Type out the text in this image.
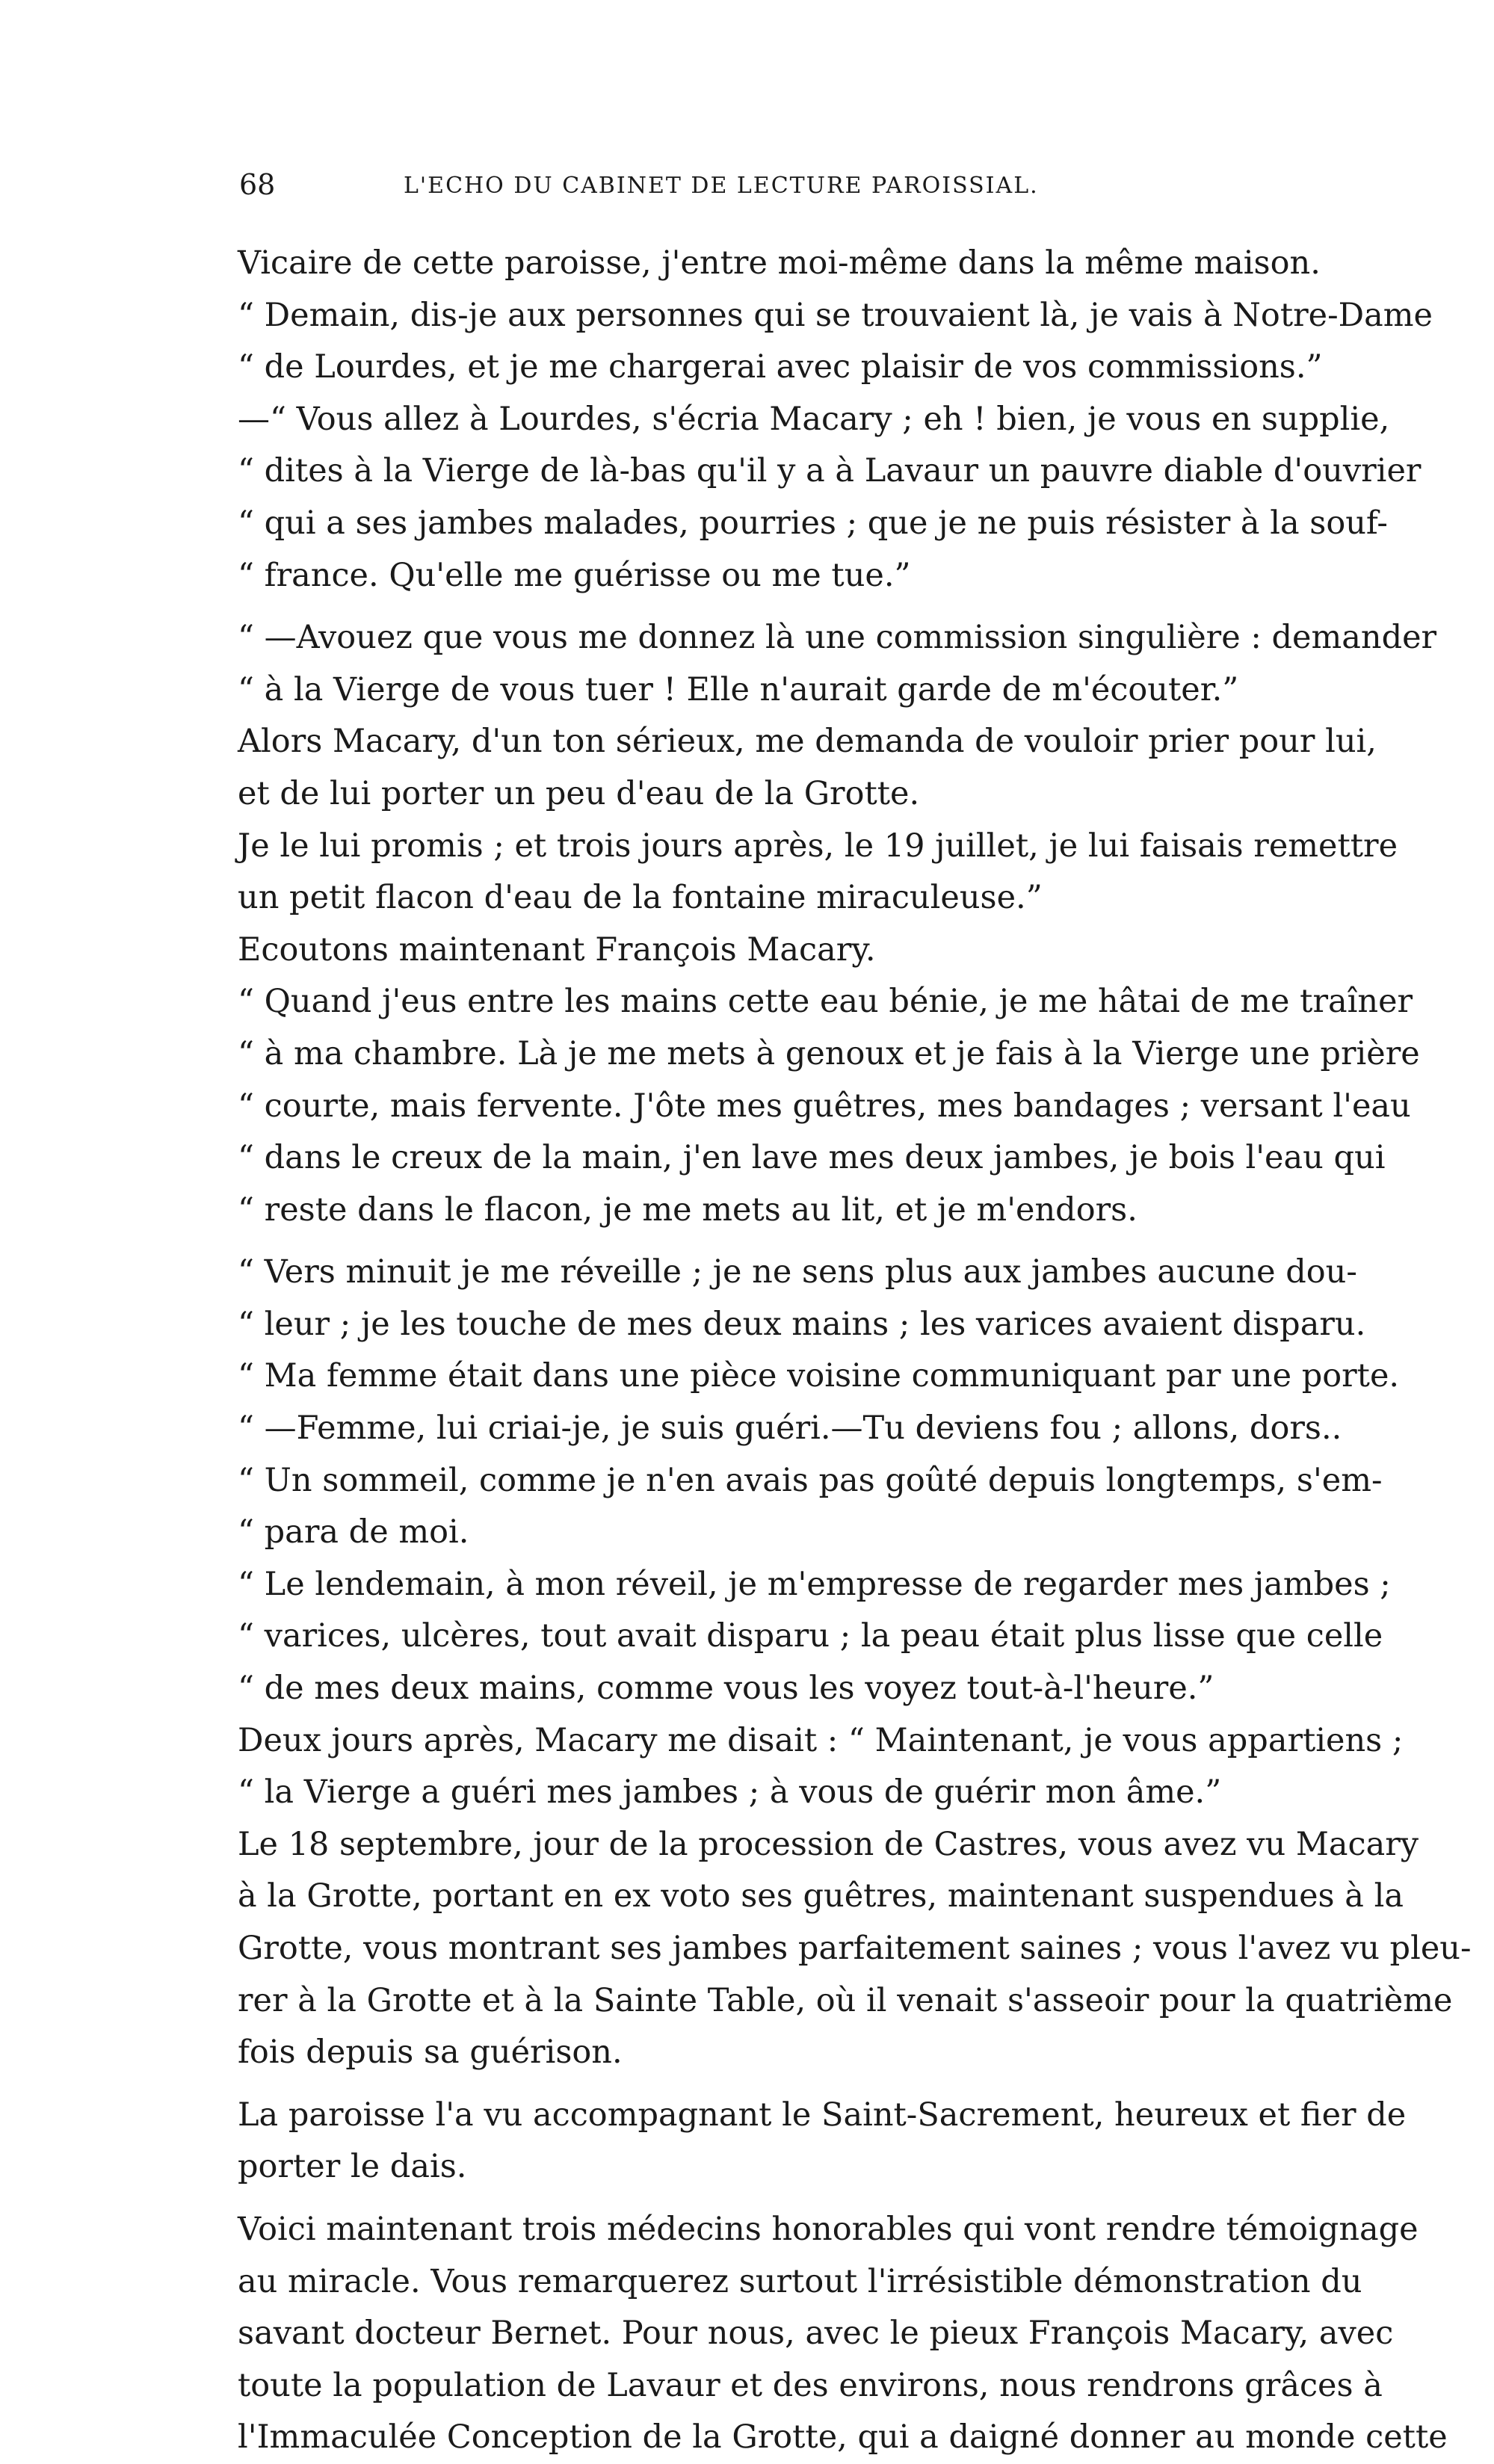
68	L'ECHO DU CABINET DE LECTURE PAROISSIAL.
Vicaire de cette paroisse, j'entre moi-même dans la même maison.
“ Demain, dis-je aux personnes qui se trouvaient là, je vais à Notre-Dame
“ de Lourdes, et je me chargerai avec plaisir de vos commissions.”
—“ Vous allez à Lourdes, s'écria Macary ; eh ! bien, je vous en supplie,
“ dites à la Vierge de là-bas qu'il y a à Lavaur un pauvre diable d'ouvrier
“ qui a ses jambes malades, pourries ; que je ne puis résister à la souf-
“ france. Qu'elle me guérisse ou me tue.”
“ —Avouez que vous me donnez là une commission singulière : demander
“ à la Vierge de vous tuer ! Elle n'aurait garde de m'écouter.”
Alors Macary, d'un ton sérieux, me demanda de vouloir prier pour lui,
et de lui porter un peu d'eau de la Grotte.
Je le lui promis ; et trois jours après, le 19 juillet, je lui faisais remettre
un petit flacon d'eau de la fontaine miraculeuse.”
Ecoutons maintenant François Macary.
“ Quand j'eus entre les mains cette eau bénie, je me hâtai de me traîner
“ à ma chambre. Là je me mets à genoux et je fais à la Vierge une prière
“ courte, mais fervente. J'ôte mes guêtres, mes bandages ; versant l'eau
“ dans le creux de la main, j'en lave mes deux jambes, je bois l'eau qui
“ reste dans le flacon, je me mets au lit, et je m'endors.
“ Vers minuit je me réveille ; je ne sens plus aux jambes aucune dou-
“ leur ; je les touche de mes deux mains ; les varices avaient disparu.
“ Ma femme était dans une pièce voisine communiquant par une porte.
“ —Femme, lui criai-je, je suis guéri.—Tu deviens fou ; allons, dors..
“ Un sommeil, comme je n'en avais pas goûté depuis longtemps, s'em-
“ para de moi.
“ Le lendemain, à mon réveil, je m'empresse de regarder mes jambes ;
“ varices, ulcères, tout avait disparu ; la peau était plus lisse que celle
“ de mes deux mains, comme vous les voyez tout-à-l'heure.”
Deux jours après, Macary me disait : “ Maintenant, je vous appartiens ;
“ la Vierge a guéri mes jambes ; à vous de guérir mon âme.”
Le 18 septembre, jour de la procession de Castres, vous avez vu Macary
à la Grotte, portant en ex voto ses guêtres, maintenant suspendues à la
Grotte, vous montrant ses jambes parfaitement saines ; vous l'avez vu pleu-
rer à la Grotte et à la Sainte Table, où il venait s'asseoir pour la quatrième
fois depuis sa guérison.
La paroisse l'a vu accompagnant le Saint-Sacrement, heureux et fier de
porter le dais.
Voici maintenant trois médecins honorables qui vont rendre témoignage
au miracle. Vous remarquerez surtout l'irrésistible démonstration du
savant docteur Bernet. Pour nous, avec le pieux François Macary, avec
toute la population de Lavaur et des environs, nous rendrons grâces à
l'Immaculée Conception de la Grotte, qui a daigné donner au monde cette
